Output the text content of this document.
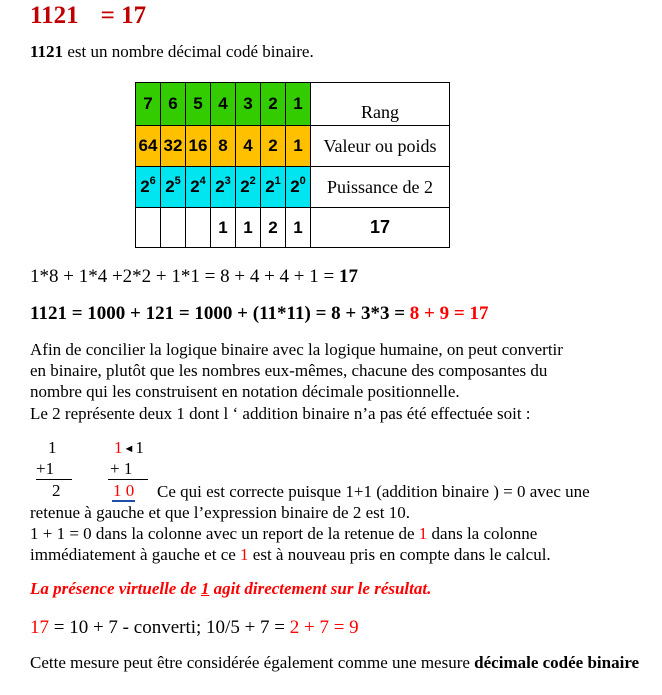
1121 = 17
1121 est un nombre décimal codé binaire.
7	6	5	4	3	2	1	Rang
64	32	16	8	4	2	1	Valeur ou poids
$2^6$	$2^5$	$2^4$	$2^3$	$2^2$	$2^1$	$2^0$	Puissance de 2
			1	1	2	1	17
1*8 + 1*4 +2*2 + 1*1 = 8 + 4 + 4 + 1 = 17
1121 = 1000 + 121 = 1000 + (11*11) = 8 + 3*3 = 8 + 9 = 17
Afin de concilier la logique binaire avec la logique humaine, on peut convertir
en binaire, plutôt que les nombres eux-mêmes, chacune des composantes du
nombre qui les construisent en notation décimale positionnelle.
Le 2 représente deux 1 dont l ‘ addition binaire n’a pas été effectuée soit :
1
+1
2
1◄1
+ 1
1 0	Ce qui est correcte puisque 1+1 (addition binaire ) = 0 avec une
retenue à gauche et que l’expression binaire de 2 est 10.
1 + 1 = 0 dans la colonne avec un report de la retenue de 1 dans la colonne
immédiatement à gauche et ce 1 est à nouveau pris en compte dans le calcul.
La présence virtuelle de 1 agit directement sur le résultat.
17 = 10 + 7 - converti; 10/5 + 7 = 2 + 7 = 9
Cette mesure peut être considérée également comme une mesure décimale codée binaire
